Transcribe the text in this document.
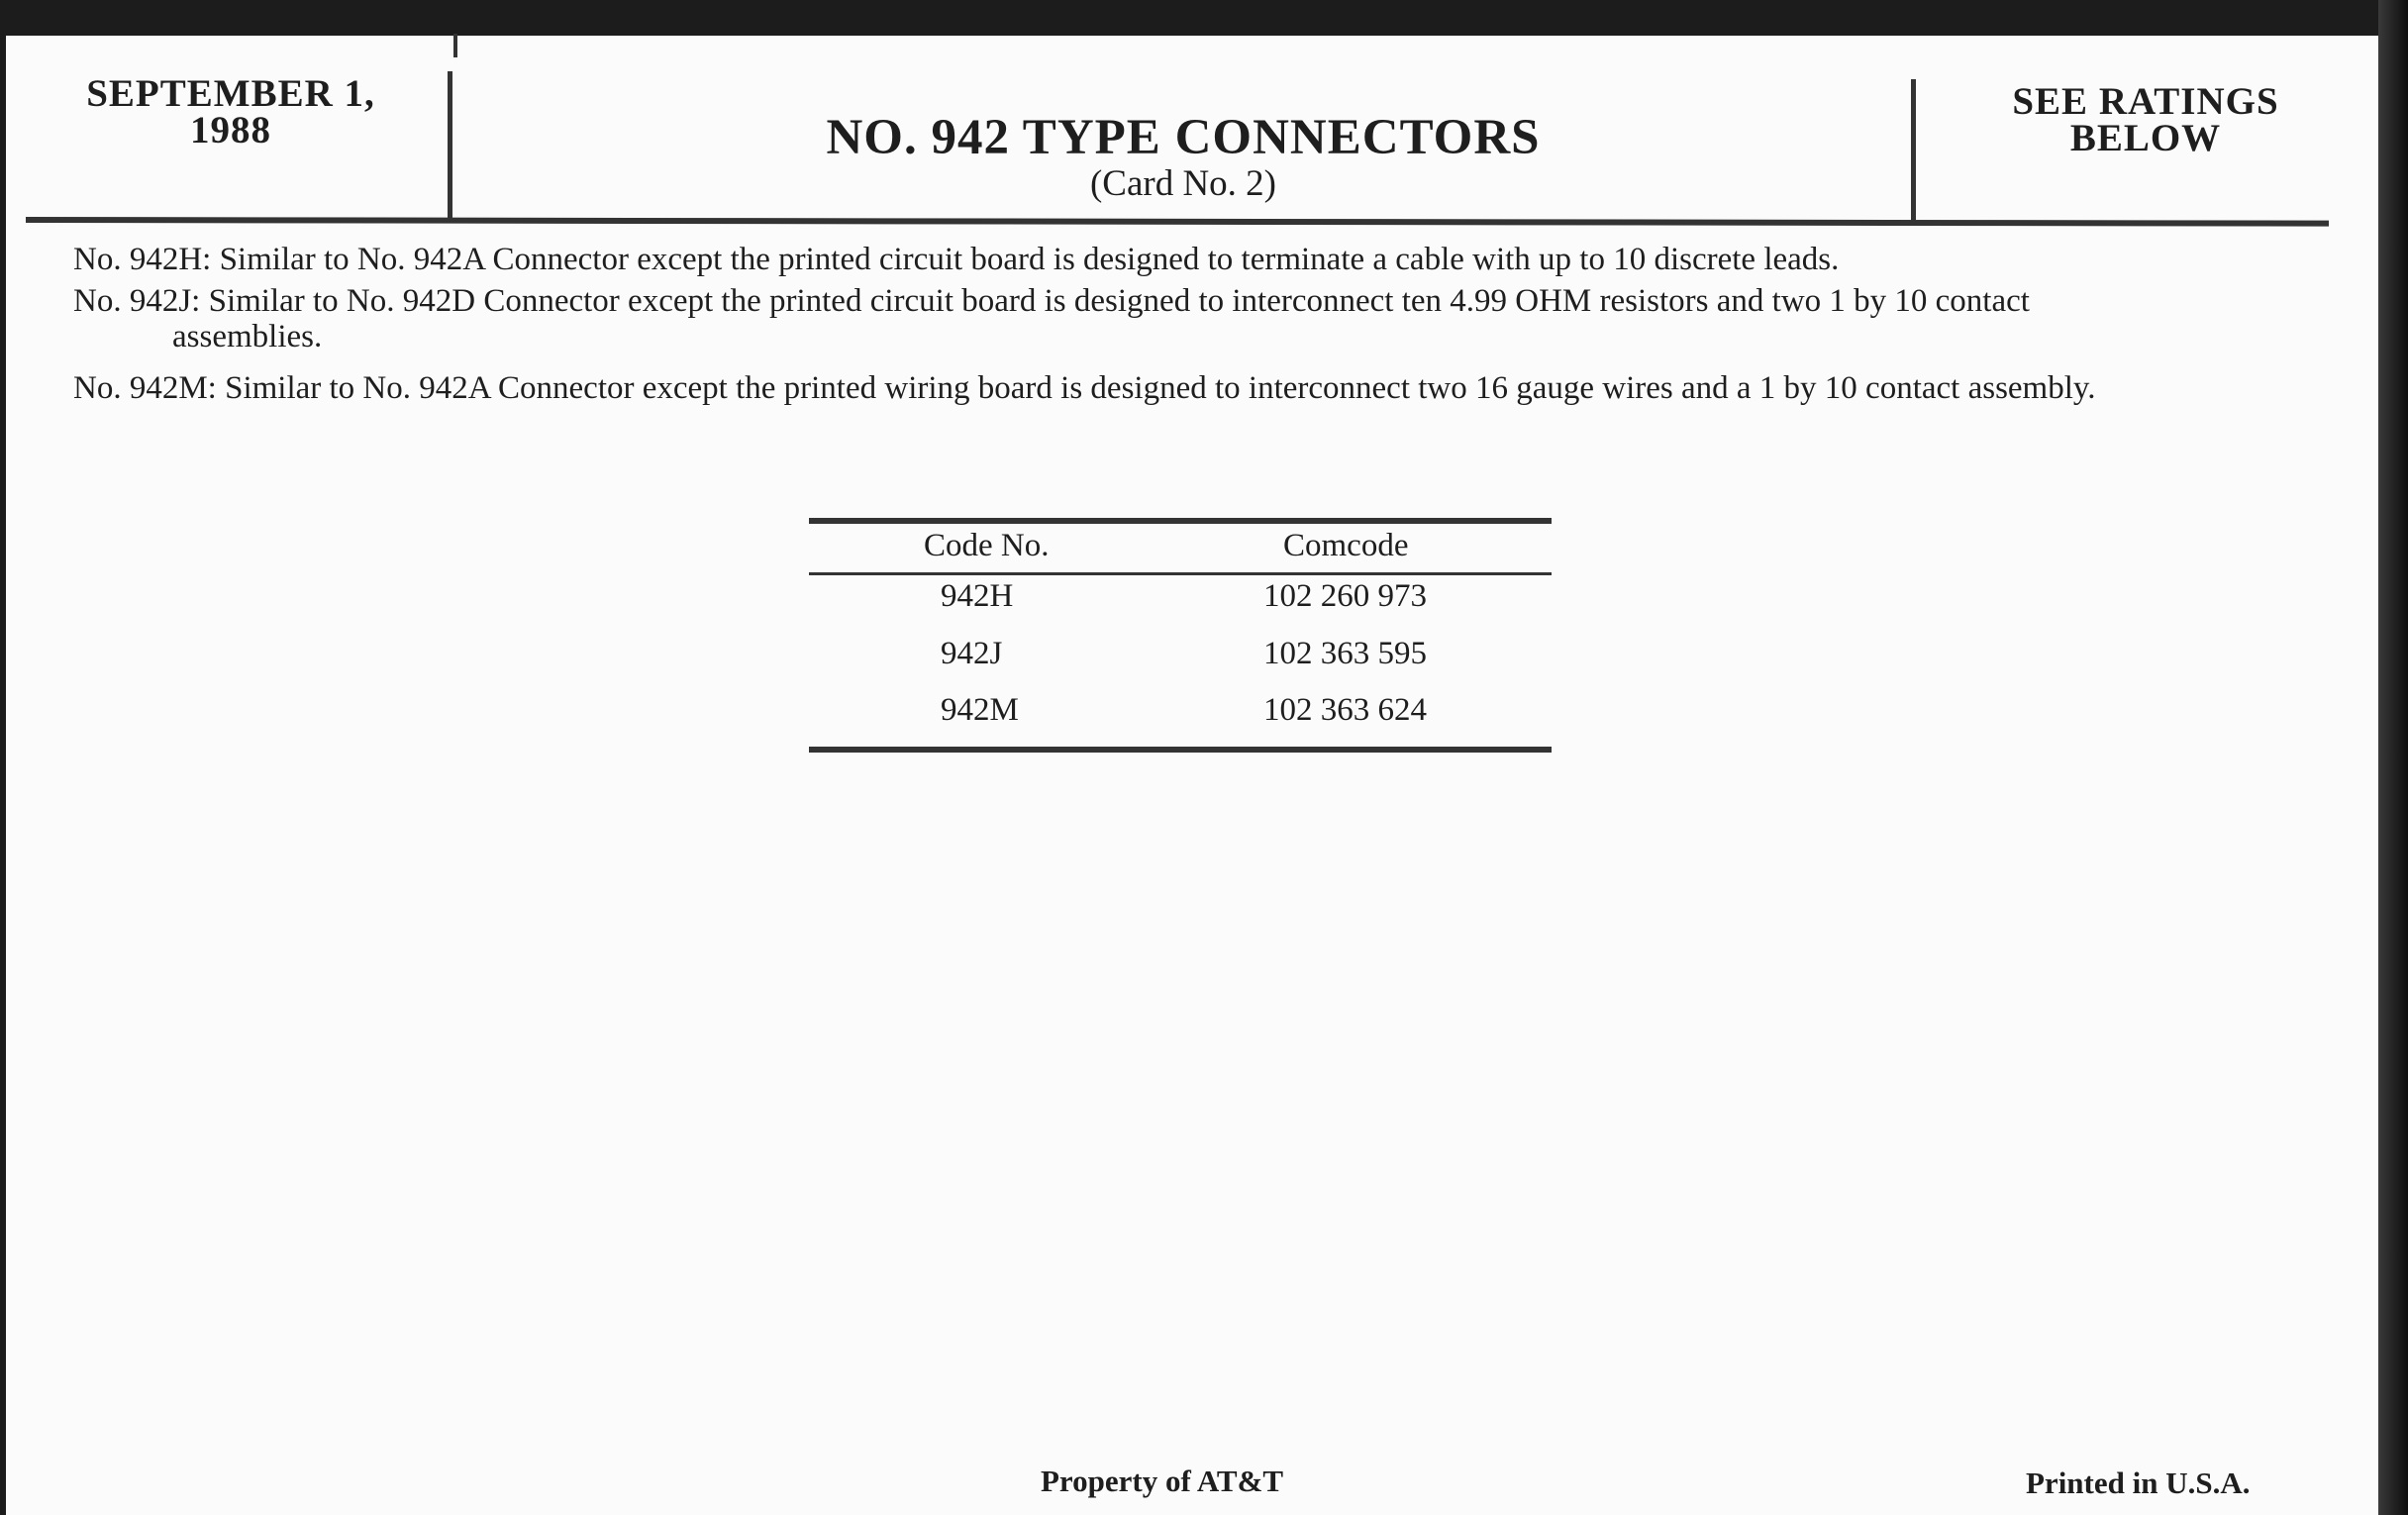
SEPTEMBER 1,
1988	NO. 942 TYPE CONNECTORS
(Card No. 2)
SEE RATINGS
BELOW
No. 942H: Similar to No. 942A Connector except the printed circuit board is designed to terminate a cable with up to 10 discrete leads.
No. 942J: Similar to No. 942D Connector except the printed circuit board is designed to interconnect ten 4.99 OHM resistors and two 1 by 10 contact
assemblies.
No. 942M: Similar to No. 942A Connector except the printed wiring board is designed to interconnect two 16 gauge wires and a 1 by 10 contact assembly.
Code No.	Comcode
942H	102 260 973
942J	102 363 595
942M	102 363 624
Property of AT&T	Printed in U.S.A.
